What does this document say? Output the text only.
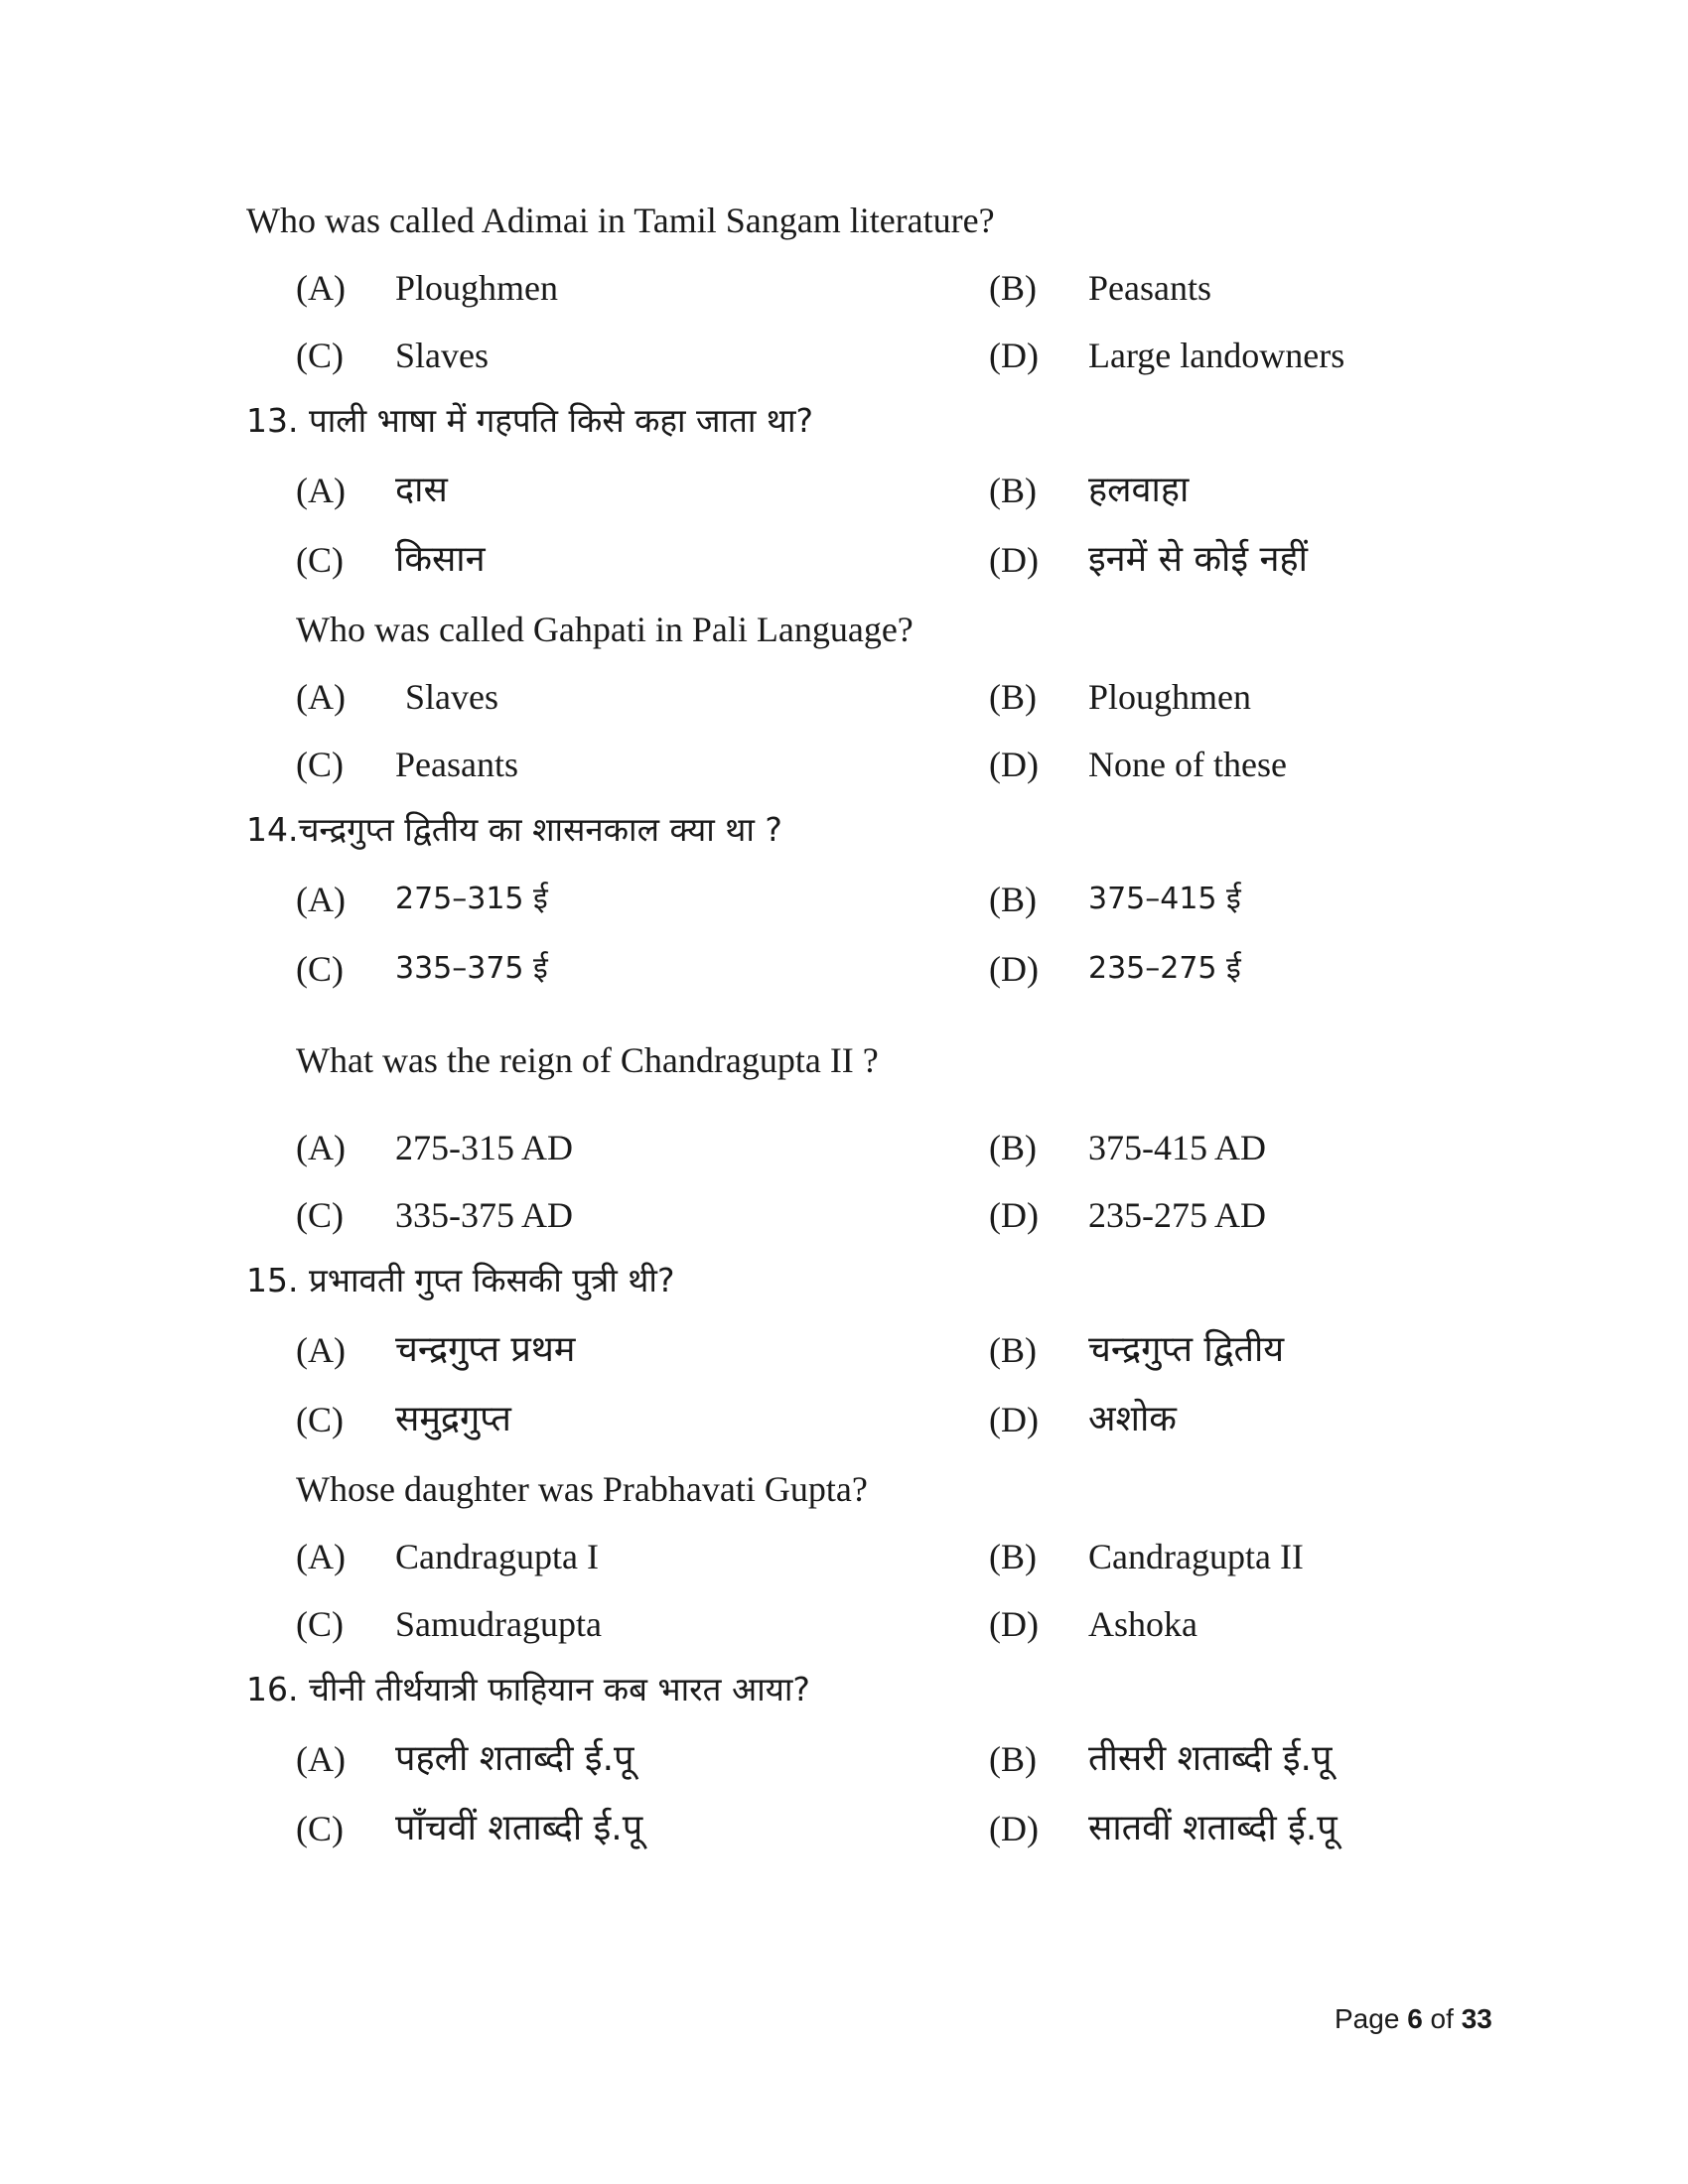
Who was called Adimai in Tamil Sangam literature?
(A) Ploughmen	(B) Peasants
(C) Slaves	(D) Large landowners
13. पाली भाषा में गहपति किसे कहा जाता था?
(A) दास	(B) हलवाहा
(C) किसान	(D) इनमें से कोई नहीं
Who was called Gahpati in Pali Language?
(A) Slaves	(B) Ploughmen
(C) Peasants	(D) None of these
14.चन्द्रगुप्त द्वितीय का शासनकाल क्या था ?
(A) 275–315 ई	(B) 375–415 ई
(C) 335–375 ई	(D) 235–275 ई
What was the reign of Chandragupta II ?
(A) 275-315 AD	(B) 375-415 AD
(C) 335-375 AD	(D) 235-275 AD
15. प्रभावती गुप्त किसकी पुत्री थी?
(A) चन्द्रगुप्त प्रथम	(B) चन्द्रगुप्त द्वितीय
(C) समुद्रगुप्त	(D) अशोक
Whose daughter was Prabhavati Gupta?
(A) Candragupta I	(B) Candragupta II
(C) Samudragupta	(D) Ashoka
16. चीनी तीर्थयात्री फाहियान कब भारत आया?
(A) पहली शताब्दी ई.पू	(B) तीसरी शताब्दी ई.पू
(C) पाँचवीं शताब्दी ई.पू	(D) सातवीं शताब्दी ई.पू
Page 6 of 33
